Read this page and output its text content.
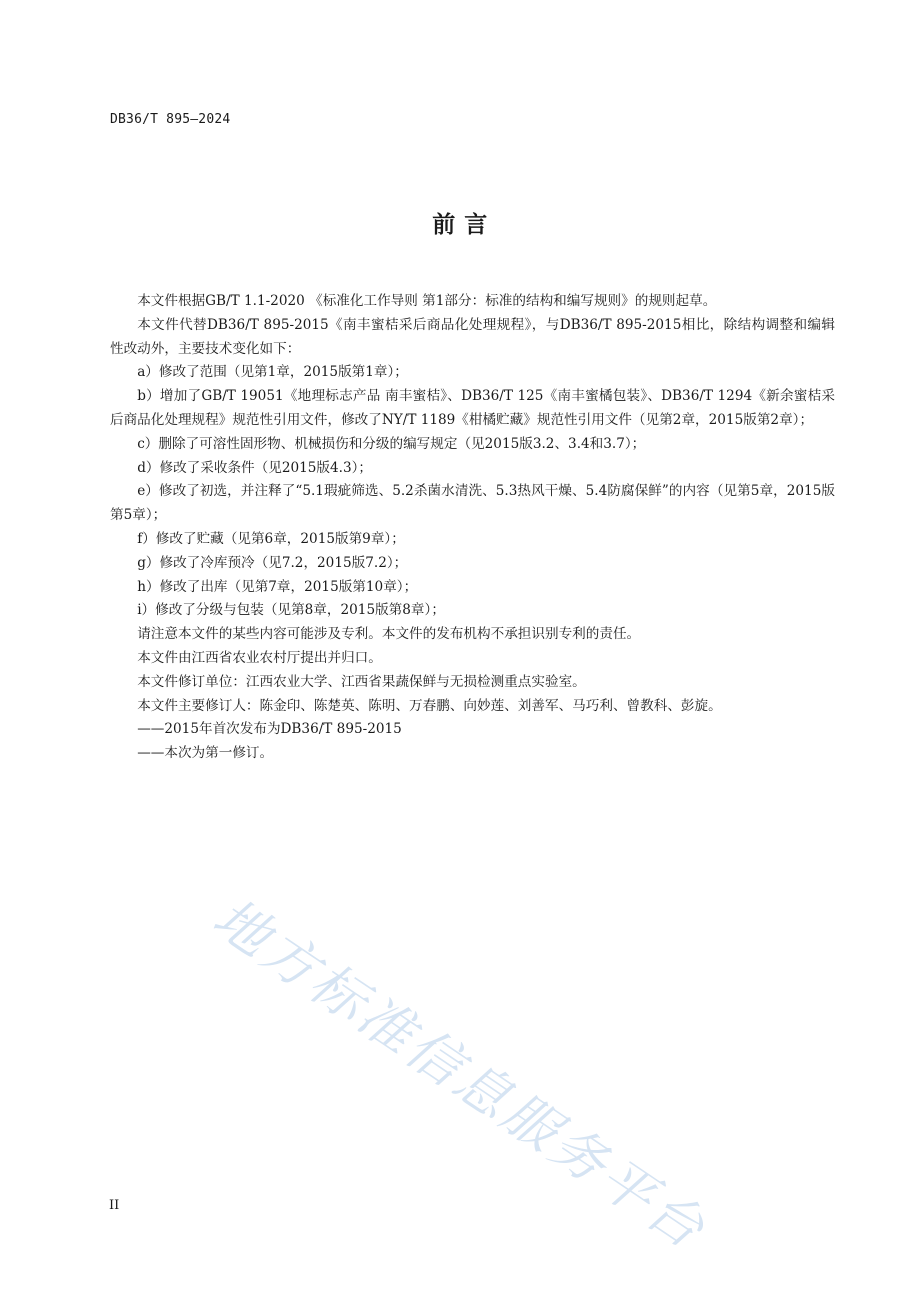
DB36/T 895—2024
前 言

本文件根据GB/T 1.1-2020 《标准化工作导则 第1部分：标准的结构和编写规则》的规则起草。

本文件代替DB36/T 895-2015《南丰蜜桔采后商品化处理规程》，与DB36/T 895-2015相比，除结构调整和编辑性改动外，主要技术变化如下：

a）修改了范围（见第1章，2015版第1章）；

b）增加了GB/T 19051《地理标志产品 南丰蜜桔》、DB36/T 125《南丰蜜橘包装》、DB36/T 1294《新余蜜桔采后商品化处理规程》规范性引用文件，修改了NY/T 1189《柑橘贮藏》规范性引用文件（见第2章，2015版第2章）；

c）删除了可溶性固形物、机械损伤和分级的编写规定（见2015版3.2、3.4和3.7）；

d）修改了采收条件（见2015版4.3）；

e）修改了初选，并注释了“5.1瑕疵筛选、5.2杀菌水清洗、5.3热风干燥、5.4防腐保鲜”的内容（见第5章，2015版第5章）；

f）修改了贮藏（见第6章，2015版第9章）；

g）修改了冷库预冷（见7.2，2015版7.2）；

h）修改了出库（见第7章，2015版第10章）；

i）修改了分级与包装（见第8章，2015版第8章）；

请注意本文件的某些内容可能涉及专利。本文件的发布机构不承担识别专利的责任。

本文件由江西省农业农村厅提出并归口。

本文件修订单位：江西农业大学、江西省果蔬保鲜与无损检测重点实验室。

本文件主要修订人：陈金印、陈楚英、陈明、万春鹏、向妙莲、刘善军、马巧利、曾教科、彭旋。

——2015年首次发布为DB36/T 895-2015

——本次为第一修订。

地方标准信息服务平台
II
